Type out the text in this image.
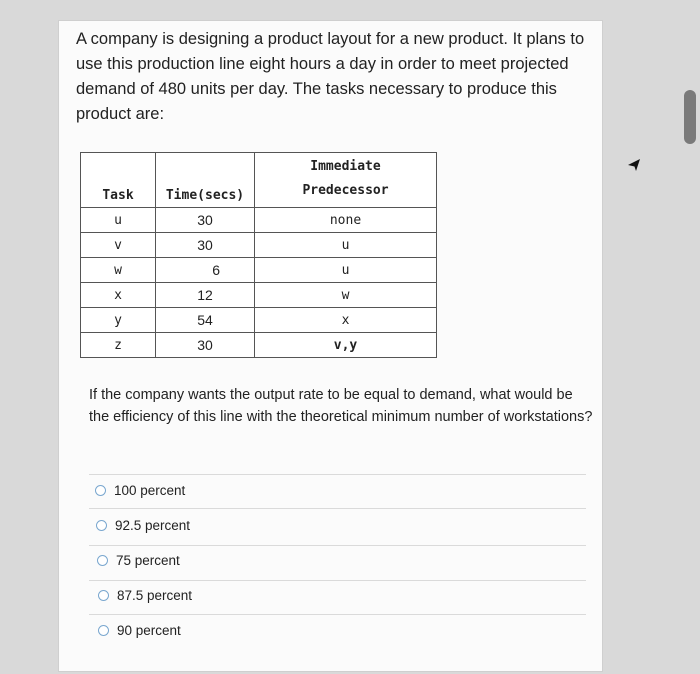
A company is designing a product layout for a new product. It plans to use this production line eight hours a day in order to meet projected demand of 480 units per day. The tasks necessary to produce this product are:

Task	Time(secs)	Immediate
Predecessor

u	30	none
v	30	u
w	6	u
x	12	w
y	54	x
z	30	v,y

If the company wants the output rate to be equal to demand, what would be the efficiency of this line with the theoretical minimum number of workstations?

100 percent
92.5 percent
75 percent
87.5 percent
90 percent
